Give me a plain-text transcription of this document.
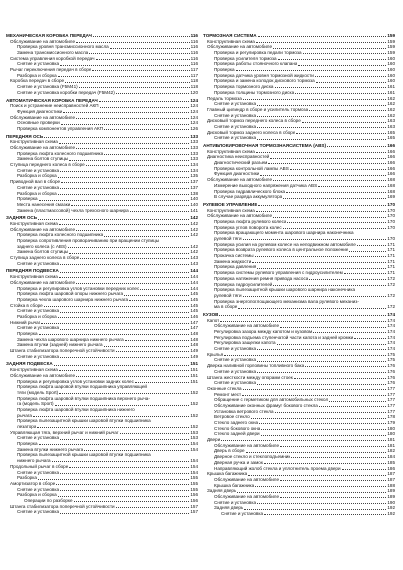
МЕХАНИЧЕСКАЯ КОРОБКА ПЕРЕДАЧ	116
Обслуживание на автомобиле	116
Проверка уровня трансмиссионного масла	116
Замена трансмиссионного масла	116
Система управления коробкой передач	116
Снятие и установка	116
Рычаг переключения передач в сборе	117
Разборка и сборка	117
Коробка передач в сборе	118
Снятие и установка (F5M41)	118
Снятие и установка коробки передач (F5M42)	120
АВТОМАТИЧЕСКАЯ КОРОБКА ПЕРЕДАЧ	124
Поиск и устранение неисправностей АКП	124
Функция диагностики	124
Обслуживание на автомобиле	124
Основные проверки	124
Проверка компонентов управления АКП	126
ПЕРЕДНЯЯ ОСЬ	133
Конструктивная схема	133
Обслуживание на автомобиле	133
Проверка люфта колесного подшипника	133
Замена болтов ступицы	133
Ступица переднего колеса в сборе	134
Снятие и установка	134
Разборка и сборка	135
Приводной вал в сборе	137
Снятие и установка	137
Разборка и сборка	138
Проверка	140
Места нанесения смазки	140
Замена (пластмассовой) чехла трехосного шарнира	141
ЗАДНЯЯ ОСЬ	142
Конструктивная схема	142
Обслуживание на автомобиле	142
Проверка люфта колесного подшипника	142
Проверка сопротивления проворачиванию при вращении ступицы
заднего колеса (с ABS)	142
Замена болтов ступицы	142
Ступица заднего колеса в сборе	143
Снятие и установка	143
ПЕРЕДНЯЯ ПОДВЕСКА	144
Конструктивная схема	144
Обслуживание на автомобиле	144
Проверка и регулировка углов установки передних колес	144
Проверка люфта шаровой опоры нижнего рычага	145
Проверка чехла шарового шарнира нижнего рычага	145
Стойка в сборе	145
Снятие и установка	145
Разборка и сборка	146
Нижний рычаг	147
Снятие и установка	147
Проверка	148
Замена чехла шарового шарнира нижнего рычага	148
Замена втулки (задней) нижнего рычага	148
Штанга стабилизатора поперечной устойчивости	149
Снятие и установка	149
ЗАДНЯЯ ПОДВЕСКА	151
Конструктивная схема	151
Обслуживание на автомобиле	151
Проверка и регулировка углов установки задних колес	151
Проверка люфта шаровой втулки подшипника управляющей
тяги (модель Sport)	152
Проверка люфта шаровой втулки подшипника верхнего рыча-
га (модель Sport)	152
Проверка люфта шаровой втулки подшипника нижнего
рычага	152
Проверка пылезащитной крышки шаровой втулки подшипника
лезатора	152
Управляющая тяга, верхний рычаг и нижний рычаг	153
Снятие и установка	153
Проверка	154
Замена втулки нижнего рычага	154
Проверка пылезащитной крышки шаровой втулки подшипника
нижнего рычага	154
Продольный рычаг в сборе	154
Снятие и установка	154
Разборка	155
Амортизатор в сборе	155
Снятие и установка	155
Разборка и сборка	156
Операции по разборке	156
Штанга стабилизатора поперечной устойчивости	157
Снятие и установка	157
ТОРМОЗНАЯ СИСТЕМА	159
Конструктивная схема	159
Обслуживание на автомобиле	159
Проверка и регулировка педали тормоза	159
Проверка усилителя тормоза	160
Проверка работы стояночного клапана	160
Проверка	160
Проверка датчика уровня тормозной жидкости	160
Проверка и замена колодок дискового тормоза	160
Проверка тормозного диска	161
Проверка толщины тормозного диска	161
Педаль тормоза	162
Снятие и установка	162
Главный цилиндр в сборе и усилитель тормоза	162
Снятие и установка	162
Дисковый тормоз переднего колеса в сборе	163
Снятие и установка	163
Дисковый тормоз заднего колеса в сборе	165
Снятие и установка	165
АНТИБЛОКИРОВОЧНАЯ ТОРМОЗНАЯСИСТЕМА (ABS)	166
Конструктивная схема	166
Диагностика неисправностей	166
Диагностический разъем	166
Проверка контрольной лампы ABS	166
Функция диагностики	166
Обслуживание на автомобиле	168
Измерение выходного напряжения датчика ABS	168
Проверка гидравлического блока	168
В случае разряда аккумулятора	169
РУЛЕВОЕ УПРАВЛЕНИЕ	170
Конструктивная схема	170
Обслуживание на автомобиле	170
Проверка люфта рулевого колеса	170
Проверка углов поворота колес	170
Проверка вращающего момента шарового шарнира наконечника
рулевой тяги	170
Проверка усилия на рулевом колесе на неподвижном автомобиле	171
Проверка возврата рулевого колеса в центральное положение	171
Прокачка системы	171
Замена жидкости	171
Проверка давления	171
Проверка системы рулевого управления с гидроусилителем	171
Проверка натяжения ремня привода насоса	172
Проверка гидроусилителей	172
Проверка пылезащитной крышки шарового шарнира наконечника
рулевой тяги	172
Проверка энергопоглощающего механизма вала рулевого механиз-
ма в сборе	172
КУЗОВ	174
Капот	174
Обслуживание на автомобиле	174
Регулировка зазора между капотом и кузовом	174
Регулировка подъема ступенчатой части капота и задней кромки	174
Регулировка защелки капота	174
Снятие и установка	174
Крылья	175
Снятие и установка	175
Дверка наливной горловины топливного бака	176
Снятие и установка	176
Штанга жесткости между опорами стоек	176
Снятие и установка	176
Оконные стекла	177
Ремонт мест	177
Обращение с герметиком для автомобильных стекол	177
Обслуживание оконных фрамуг бокового стекла	177
Установка ветрового стекла	177
Ветровое стекло	178
Стекло заднего окна	179
Стекло бокового окна	180
Стекло задней двери	180
Двери	181
Обслуживание на автомобиле	181
Дверь в сборе	182
Дверное стекло и стеклоподъемник	184
Дверная ручка и замок	185
Направляющий жолоб стекла и уплотнитель проема двери	186
Крышка багажника	187
Обслуживание на автомобиле	187
Крышка багажника	188
Задняя дверь	189
Обслуживание на автомобиле	189
Снятие и установка	190
Задняя дверь	192
Снятие и установка	192
